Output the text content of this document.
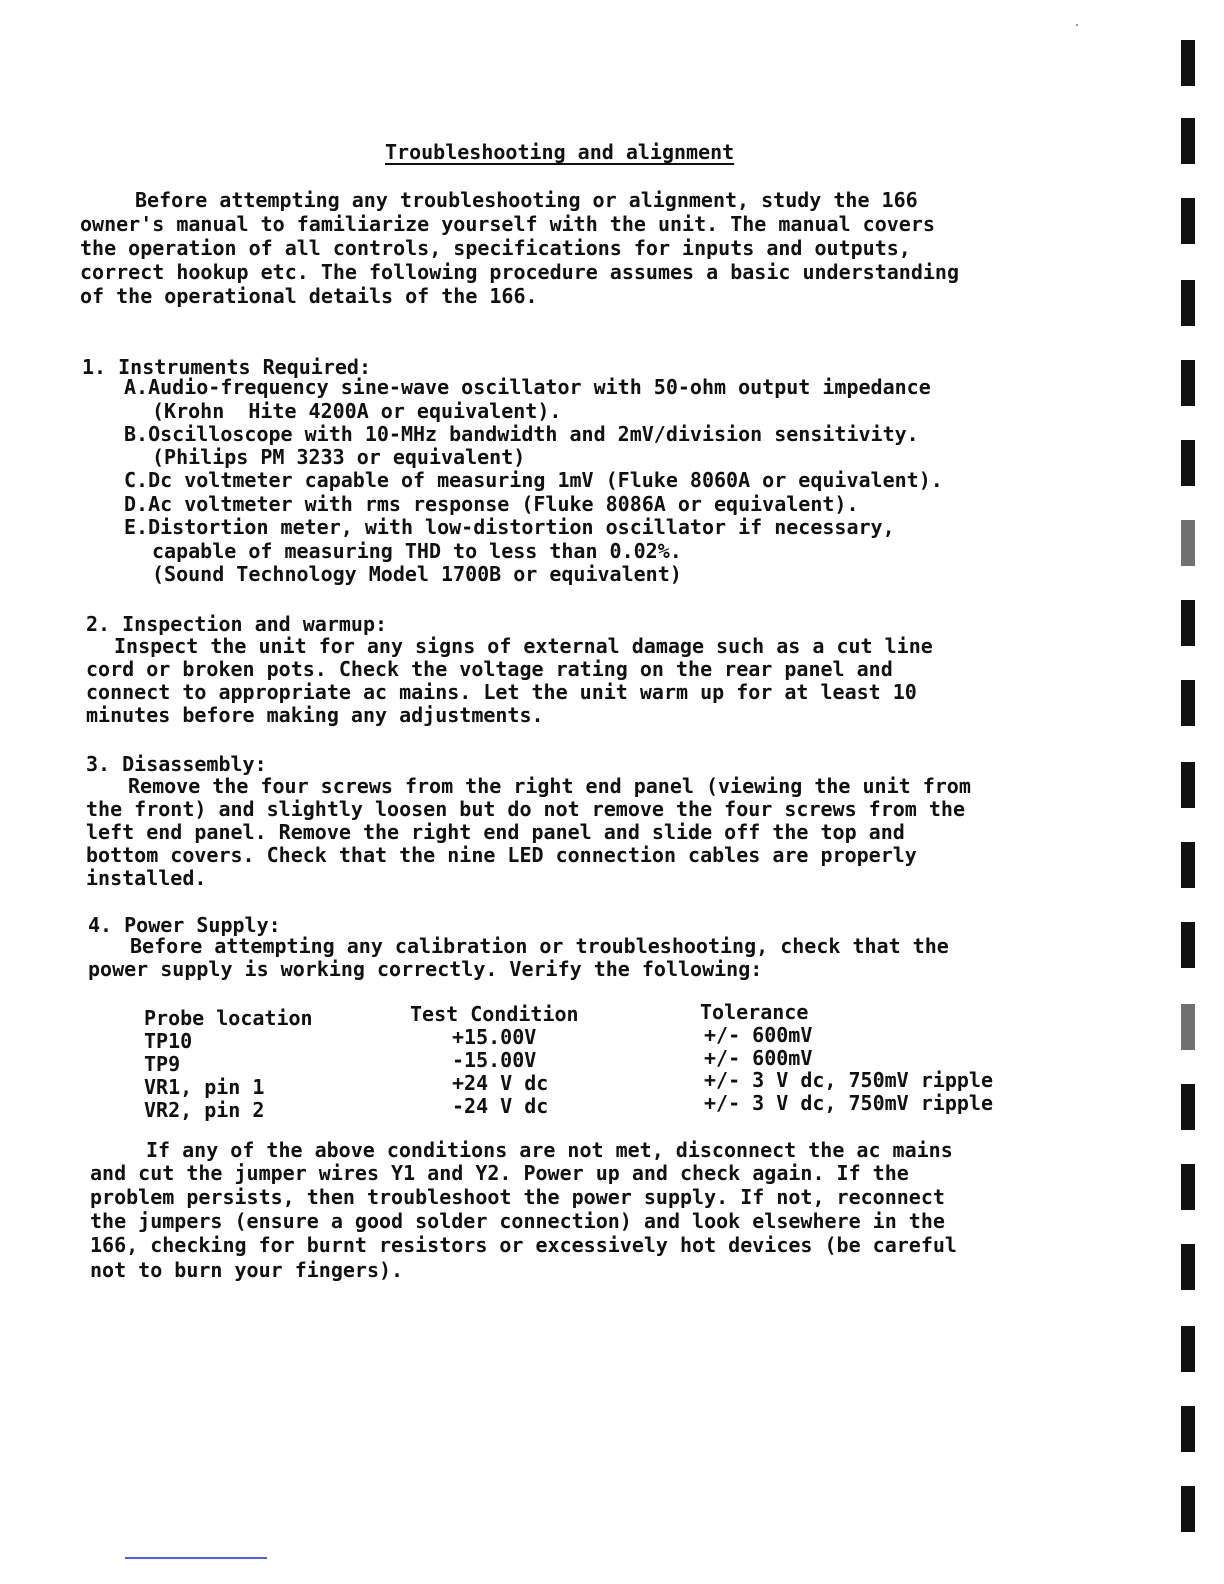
Troubleshooting and alignment
Before attempting any troubleshooting or alignment, study the 166
owner's manual to familiarize yourself with the unit. The manual covers
the operation of all controls, specifications for inputs and outputs,
correct hookup etc. The following procedure assumes a basic understanding
of the operational details of the 166.
1. Instruments Required:
A.Audio-frequency sine-wave oscillator with 50-ohm output impedance
(Krohn  Hite 4200A or equivalent).
B.Oscilloscope with 10-MHz bandwidth and 2mV/division sensitivity.
(Philips PM 3233 or equivalent)
C.Dc voltmeter capable of measuring 1mV (Fluke 8060A or equivalent).
D.Ac voltmeter with rms response (Fluke 8086A or equivalent).
E.Distortion meter, with low-distortion oscillator if necessary,
capable of measuring THD to less than 0.02%.
(Sound Technology Model 1700B or equivalent)
2. Inspection and warmup:
Inspect the unit for any signs of external damage such as a cut line
cord or broken pots. Check the voltage rating on the rear panel and
connect to appropriate ac mains. Let the unit warm up for at least 10
minutes before making any adjustments.
3. Disassembly:
Remove the four screws from the right end panel (viewing the unit from
the front) and slightly loosen but do not remove the four screws from the
left end panel. Remove the right end panel and slide off the top and
bottom covers. Check that the nine LED connection cables are properly
installed.
4. Power Supply:
Before attempting any calibration or troubleshooting, check that the
power supply is working correctly. Verify the following:
Probe location	Test Condition	Tolerance
TP10	+15.00V	+/- 600mV
TP9	-15.00V	+/- 600mV
VR1, pin 1	+24 V dc	+/- 3 V dc, 750mV ripple
VR2, pin 2	-24 V dc	+/- 3 V dc, 750mV ripple
If any of the above conditions are not met, disconnect the ac mains
and cut the jumper wires Y1 and Y2. Power up and check again. If the
problem persists, then troubleshoot the power supply. If not, reconnect
the jumpers (ensure a good solder connection) and look elsewhere in the
166, checking for burnt resistors or excessively hot devices (be careful
not to burn your fingers).
